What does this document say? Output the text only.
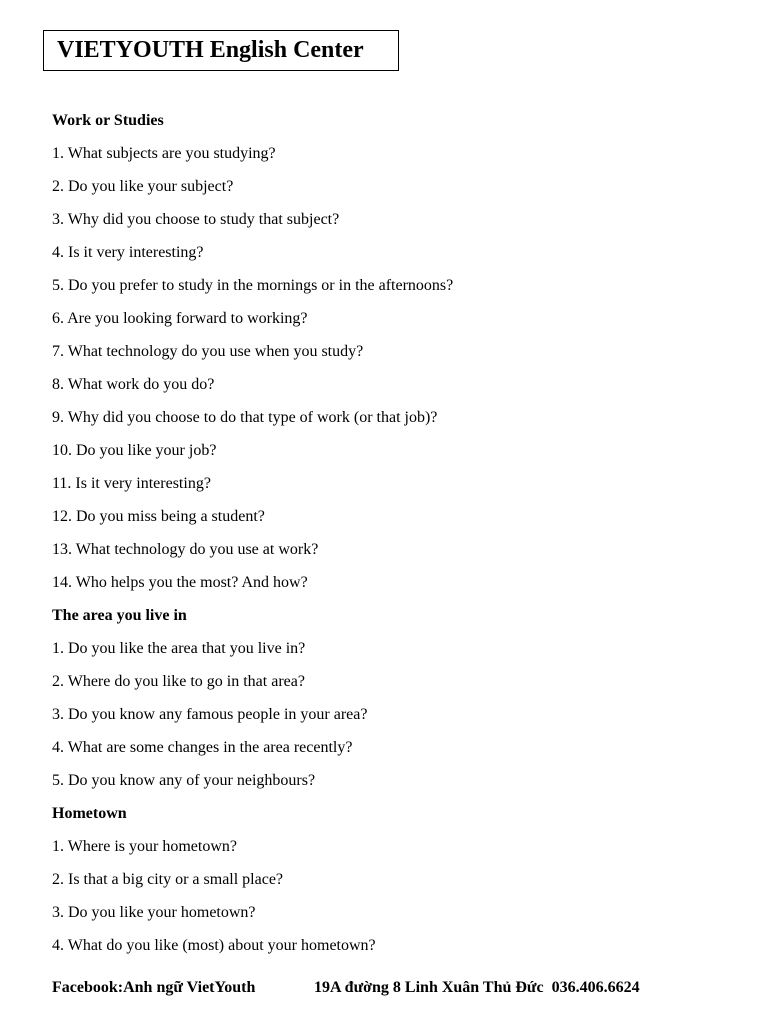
VIETYOUTH English Center
Work or Studies
1. What subjects are you studying?
2. Do you like your subject?
3. Why did you choose to study that subject?
4. Is it very interesting?
5. Do you prefer to study in the mornings or in the afternoons?
6. Are you looking forward to working?
7. What technology do you use when you study?
8. What work do you do?
9. Why did you choose to do that type of work (or that job)?
10. Do you like your job?
11. Is it very interesting?
12. Do you miss being a student?
13. What technology do you use at work?
14. Who helps you the most? And how?
The area you live in
1. Do you like the area that you live in?
2. Where do you like to go in that area?
3. Do you know any famous people in your area?
4. What are some changes in the area recently?
5. Do you know any of your neighbours?
Hometown
1. Where is your hometown?
2. Is that a big city or a small place?
3. Do you like your hometown?
4. What do you like (most) about your hometown?
Facebook:Anh ngữ VietYouth	19A đường 8 Linh Xuân Thủ Đức  036.406.6624
